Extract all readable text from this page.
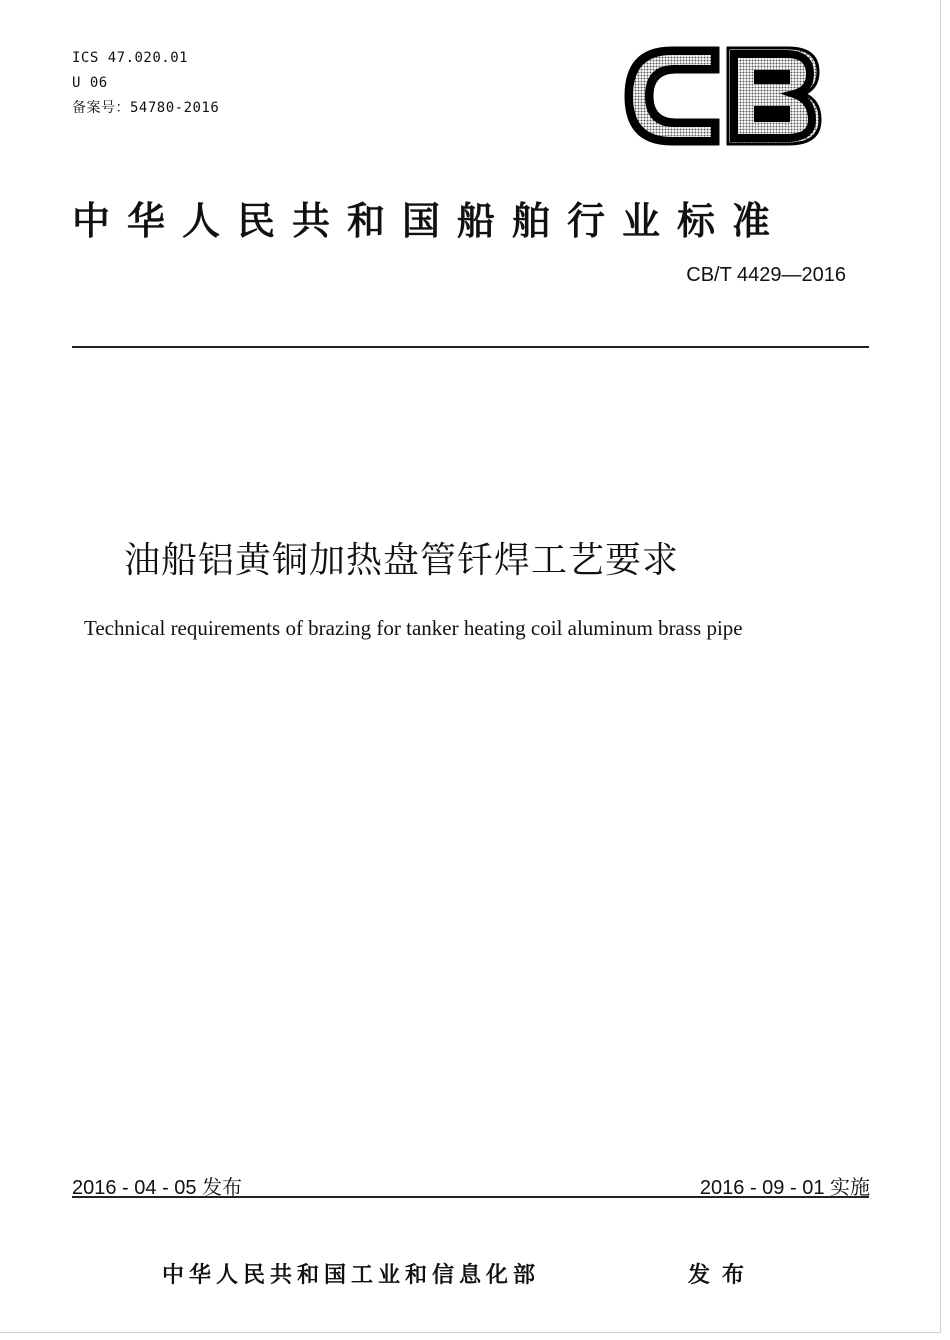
ICS 47.020.01
U 06
备案号：54780-2016
CB
中华人民共和国船舶行业标准
CB/T 4429—2016
油船铝黄铜加热盘管钎焊工艺要求
Technical requirements of brazing for tanker heating coil aluminum brass pipe
2016 - 04 - 05 发布	2016 - 09 - 01 实施
中华人民共和国工业和信息化部	发布
